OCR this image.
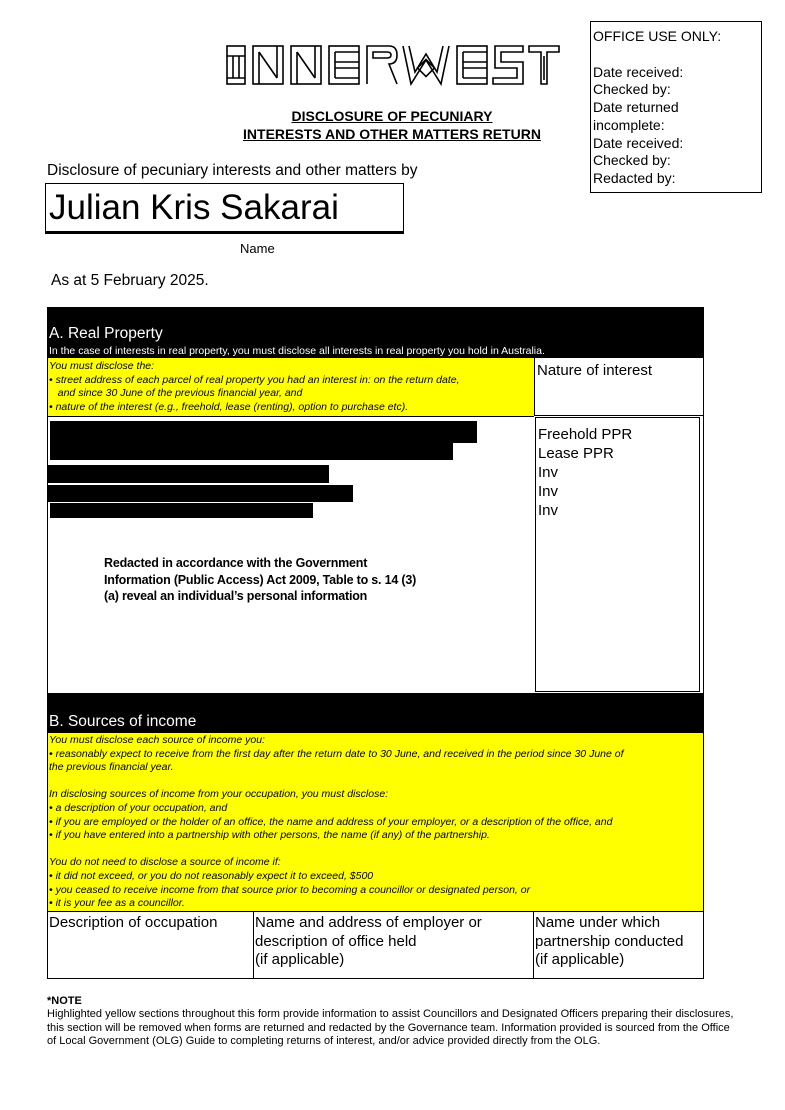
OFFICE USE ONLY:
Date received:
Checked by:
Date returned
incomplete:
Date received:
Checked by:
Redacted by:
DISCLOSURE OF PECUNIARY
INTERESTS AND OTHER MATTERS RETURN
Disclosure of pecuniary interests and other matters by
Julian Kris Sakarai
Name
As at 5 February 2025.
A. Real Property
In the case of interests in real property, you must disclose all interests in real property you hold in Australia.
You must disclose the:
• street address of each parcel of real property you had an interest in: on the return date,
and since 30 June of the previous financial year, and
• nature of the interest (e.g., freehold, lease (renting), option to purchase etc).
Nature of interest
Freehold PPR
Lease PPR
Inv
Inv
Inv
Redacted in accordance with the Government
Information (Public Access) Act 2009, Table to s. 14 (3)
(a) reveal an individual’s personal information
B. Sources of income
You must disclose each source of income you:
• reasonably expect to receive from the first day after the return date to 30 June, and received in the period since 30 June of
the previous financial year.
In disclosing sources of income from your occupation, you must disclose:
• a description of your occupation, and
• if you are employed or the holder of an office, the name and address of your employer, or a description of the office, and
• if you have entered into a partnership with other persons, the name (if any) of the partnership.
You do not need to disclose a source of income if:
• it did not exceed, or you do not reasonably expect it to exceed, $500
• you ceased to receive income from that source prior to becoming a councillor or designated person, or
• it is your fee as a councillor.
Description of occupation	Name and address of employer or
description of office held
(if applicable)
Name under which
partnership conducted
(if applicable)
*NOTE
Highlighted yellow sections throughout this form provide information to assist Councillors and Designated Officers preparing their disclosures, this section will be removed when forms are returned and redacted by the Governance team. Information provided is sourced from the Office of Local Government (OLG) Guide to completing returns of interest, and/or advice provided directly from the OLG.
